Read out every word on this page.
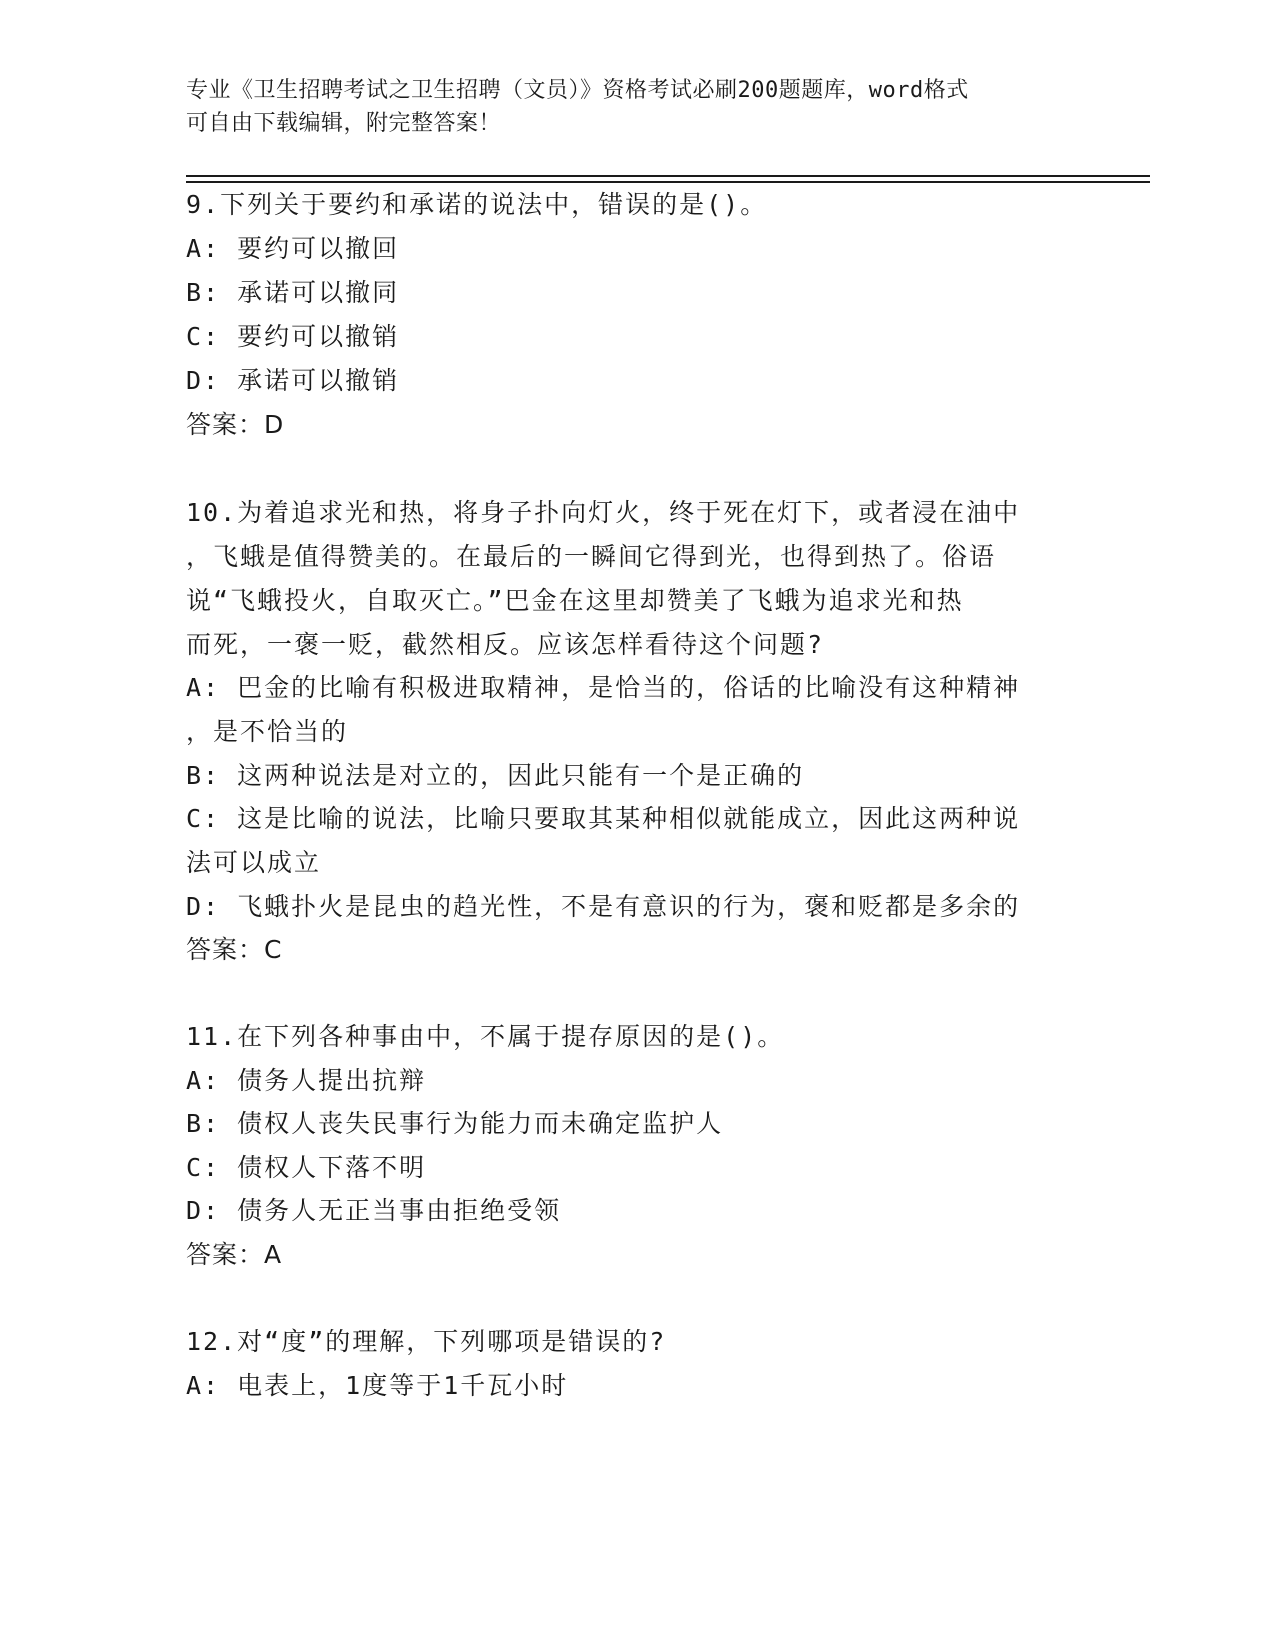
专业《卫生招聘考试之卫生招聘（文员）》资格考试必刷200题题库，word格式
可自由下载编辑，附完整答案！
9.下列关于要约和承诺的说法中，错误的是()。
A: 要约可以撤回
B: 承诺可以撤同
C: 要约可以撤销
D: 承诺可以撤销
答案：D
10.为着追求光和热，将身子扑向灯火，终于死在灯下，或者浸在油中
，飞蛾是值得赞美的。在最后的一瞬间它得到光，也得到热了。俗语
说“飞蛾投火，自取灭亡。”巴金在这里却赞美了飞蛾为追求光和热
而死，一褒一贬，截然相反。应该怎样看待这个问题?
A: 巴金的比喻有积极进取精神，是恰当的，俗话的比喻没有这种精神
，是不恰当的
B: 这两种说法是对立的，因此只能有一个是正确的
C: 这是比喻的说法，比喻只要取其某种相似就能成立，因此这两种说
法可以成立
D: 飞蛾扑火是昆虫的趋光性，不是有意识的行为，褒和贬都是多余的
答案：C
11.在下列各种事由中，不属于提存原因的是()。
A: 债务人提出抗辩
B: 债权人丧失民事行为能力而未确定监护人
C: 债权人下落不明
D: 债务人无正当事由拒绝受领
答案：A
12.对“度”的理解，下列哪项是错误的?
A: 电表上，1度等于1千瓦小时
